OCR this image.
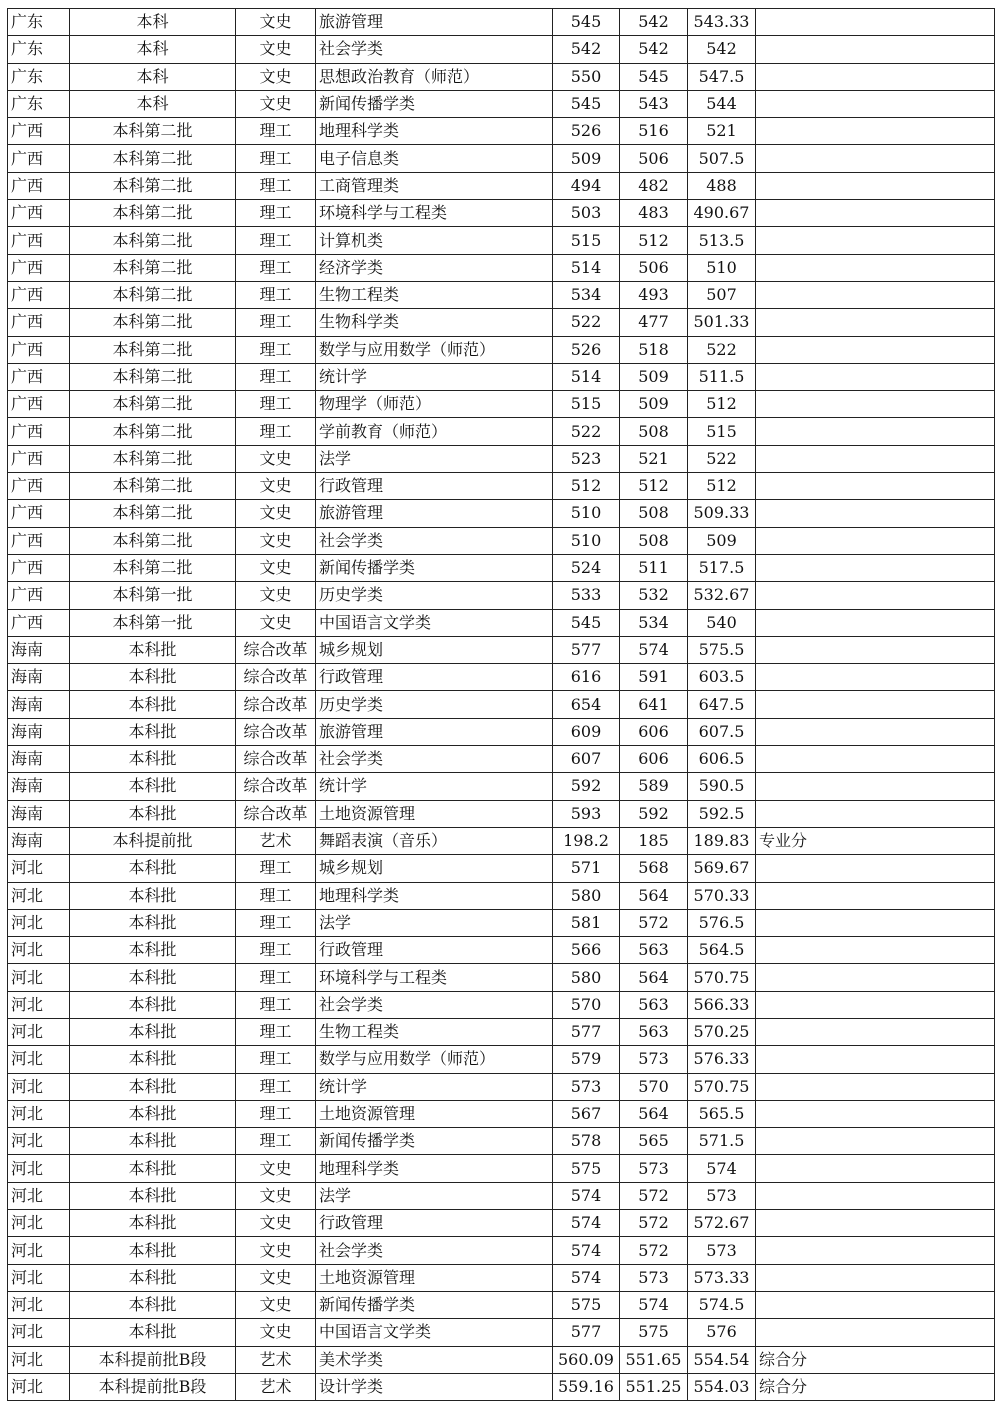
广东	本科	文史	旅游管理	545	542	543.33	
广东	本科	文史	社会学类	542	542	542	
广东	本科	文史	思想政治教育（师范）	550	545	547.5	
广东	本科	文史	新闻传播学类	545	543	544	
广西	本科第二批	理工	地理科学类	526	516	521	
广西	本科第二批	理工	电子信息类	509	506	507.5	
广西	本科第二批	理工	工商管理类	494	482	488	
广西	本科第二批	理工	环境科学与工程类	503	483	490.67	
广西	本科第二批	理工	计算机类	515	512	513.5	
广西	本科第二批	理工	经济学类	514	506	510	
广西	本科第二批	理工	生物工程类	534	493	507	
广西	本科第二批	理工	生物科学类	522	477	501.33	
广西	本科第二批	理工	数学与应用数学（师范）	526	518	522	
广西	本科第二批	理工	统计学	514	509	511.5	
广西	本科第二批	理工	物理学（师范）	515	509	512	
广西	本科第二批	理工	学前教育（师范）	522	508	515	
广西	本科第二批	文史	法学	523	521	522	
广西	本科第二批	文史	行政管理	512	512	512	
广西	本科第二批	文史	旅游管理	510	508	509.33	
广西	本科第二批	文史	社会学类	510	508	509	
广西	本科第二批	文史	新闻传播学类	524	511	517.5	
广西	本科第一批	文史	历史学类	533	532	532.67	
广西	本科第一批	文史	中国语言文学类	545	534	540	
海南	本科批	综合改革	城乡规划	577	574	575.5	
海南	本科批	综合改革	行政管理	616	591	603.5	
海南	本科批	综合改革	历史学类	654	641	647.5	
海南	本科批	综合改革	旅游管理	609	606	607.5	
海南	本科批	综合改革	社会学类	607	606	606.5	
海南	本科批	综合改革	统计学	592	589	590.5	
海南	本科批	综合改革	土地资源管理	593	592	592.5	
海南	本科提前批	艺术	舞蹈表演（音乐）	198.2	185	189.83	专业分
河北	本科批	理工	城乡规划	571	568	569.67	
河北	本科批	理工	地理科学类	580	564	570.33	
河北	本科批	理工	法学	581	572	576.5	
河北	本科批	理工	行政管理	566	563	564.5	
河北	本科批	理工	环境科学与工程类	580	564	570.75	
河北	本科批	理工	社会学类	570	563	566.33	
河北	本科批	理工	生物工程类	577	563	570.25	
河北	本科批	理工	数学与应用数学（师范）	579	573	576.33	
河北	本科批	理工	统计学	573	570	570.75	
河北	本科批	理工	土地资源管理	567	564	565.5	
河北	本科批	理工	新闻传播学类	578	565	571.5	
河北	本科批	文史	地理科学类	575	573	574	
河北	本科批	文史	法学	574	572	573	
河北	本科批	文史	行政管理	574	572	572.67	
河北	本科批	文史	社会学类	574	572	573	
河北	本科批	文史	土地资源管理	574	573	573.33	
河北	本科批	文史	新闻传播学类	575	574	574.5	
河北	本科批	文史	中国语言文学类	577	575	576	
河北	本科提前批B段	艺术	美术学类	560.09	551.65	554.54	综合分
河北	本科提前批B段	艺术	设计学类	559.16	551.25	554.03	综合分
